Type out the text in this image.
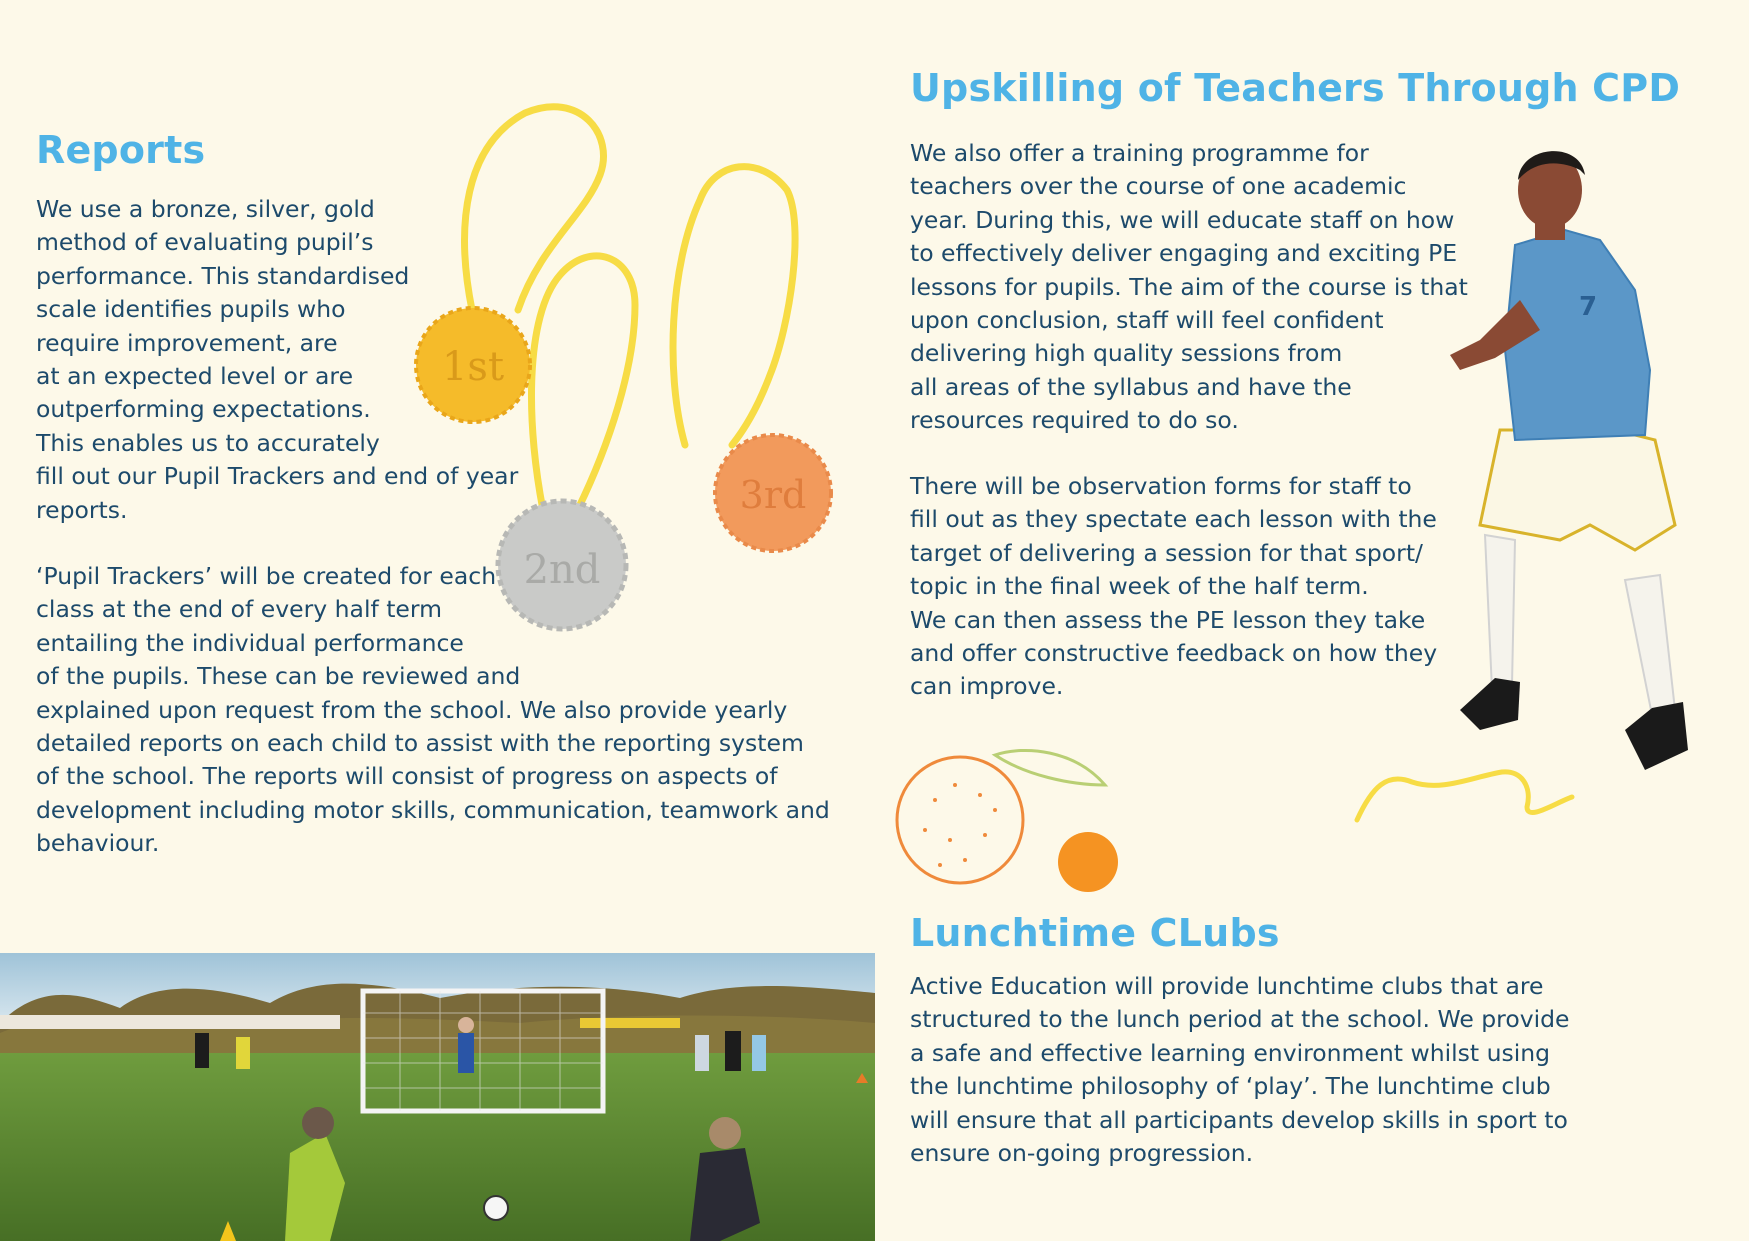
Reports
Upskilling of Teachers Through CPD
Lunchtime CLubs
We use a bronze, silver, gold
method of evaluating pupil’s
performance. This standardised
scale identifies pupils who
require improvement, are
at an expected level or are
outperforming expectations.
This enables us to accurately
fill out our Pupil Trackers and end of year
reports.
‘Pupil Trackers’ will be created for each
class at the end of every half term
entailing the individual performance
of the pupils. These can be reviewed and
explained upon request from the school. We also provide yearly
detailed reports on each child to assist with the reporting system
of the school. The reports will consist of progress on aspects of
development including motor skills, communication, teamwork and
behaviour.
We also offer a training programme for
teachers over the course of one academic
year. During this, we will educate staff on how
to effectively deliver engaging and exciting PE
lessons for pupils. The aim of the course is that
upon conclusion, staff will feel confident
delivering high quality sessions from
all areas of the syllabus and have the
resources required to do so.
There will be observation forms for staff to
fill out as they spectate each lesson with the
target of delivering a session for that sport/
topic in the final week of the half term.
We can then assess the PE lesson they take
and offer constructive feedback on how they
can improve.
Active Education will provide lunchtime clubs that are
structured to the lunch period at the school. We provide
a safe and effective learning environment whilst using
the lunchtime philosophy of ‘play’. The lunchtime club
will ensure that all participants develop skills in sport to
ensure on-going progression.
1st
2nd
3rd
7
